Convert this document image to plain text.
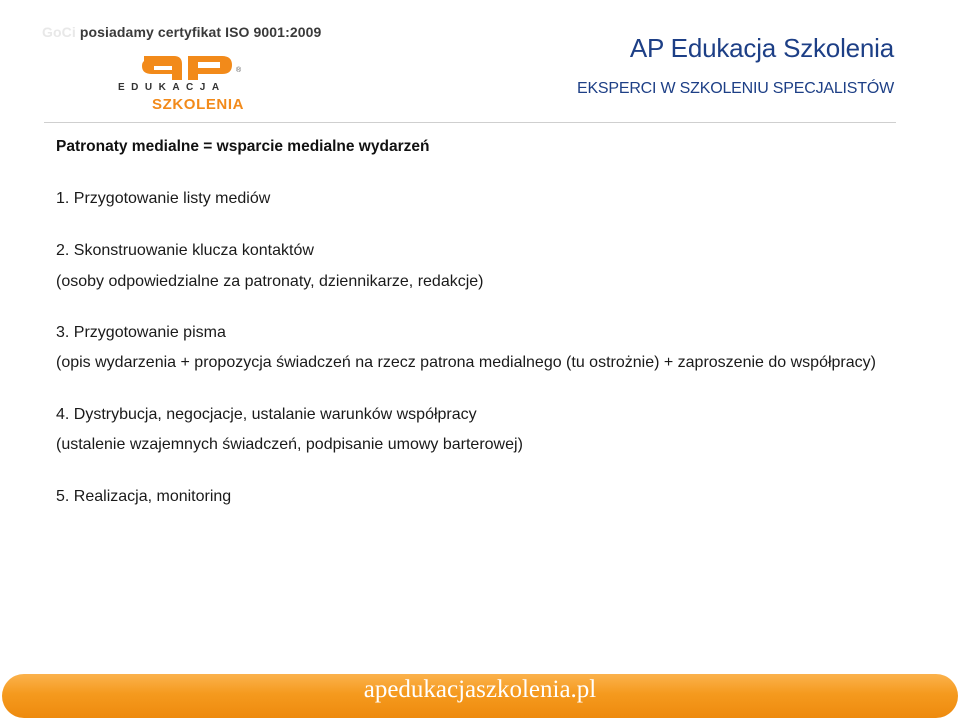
GoCi posiadamy certyfikat ISO 9001:2009
®
EDUKACJA
SZKOLENIA
AP Edukacja Szkolenia
EKSPERCI W SZKOLENIU SPECJALISTÓW
Patronaty medialne = wsparcie medialne wydarzeń
1. Przygotowanie listy mediów
2. Skonstruowanie klucza kontaktów
(osoby odpowiedzialne za patronaty, dziennikarze, redakcje)
3. Przygotowanie pisma
(opis wydarzenia + propozycja świadczeń na rzecz patrona medialnego (tu ostrożnie) + zaproszenie do współpracy)
4. Dystrybucja, negocjacje, ustalanie warunków współpracy
(ustalenie wzajemnych świadczeń, podpisanie umowy barterowej)
5. Realizacja, monitoring
apedukacjaszkolenia.pl
